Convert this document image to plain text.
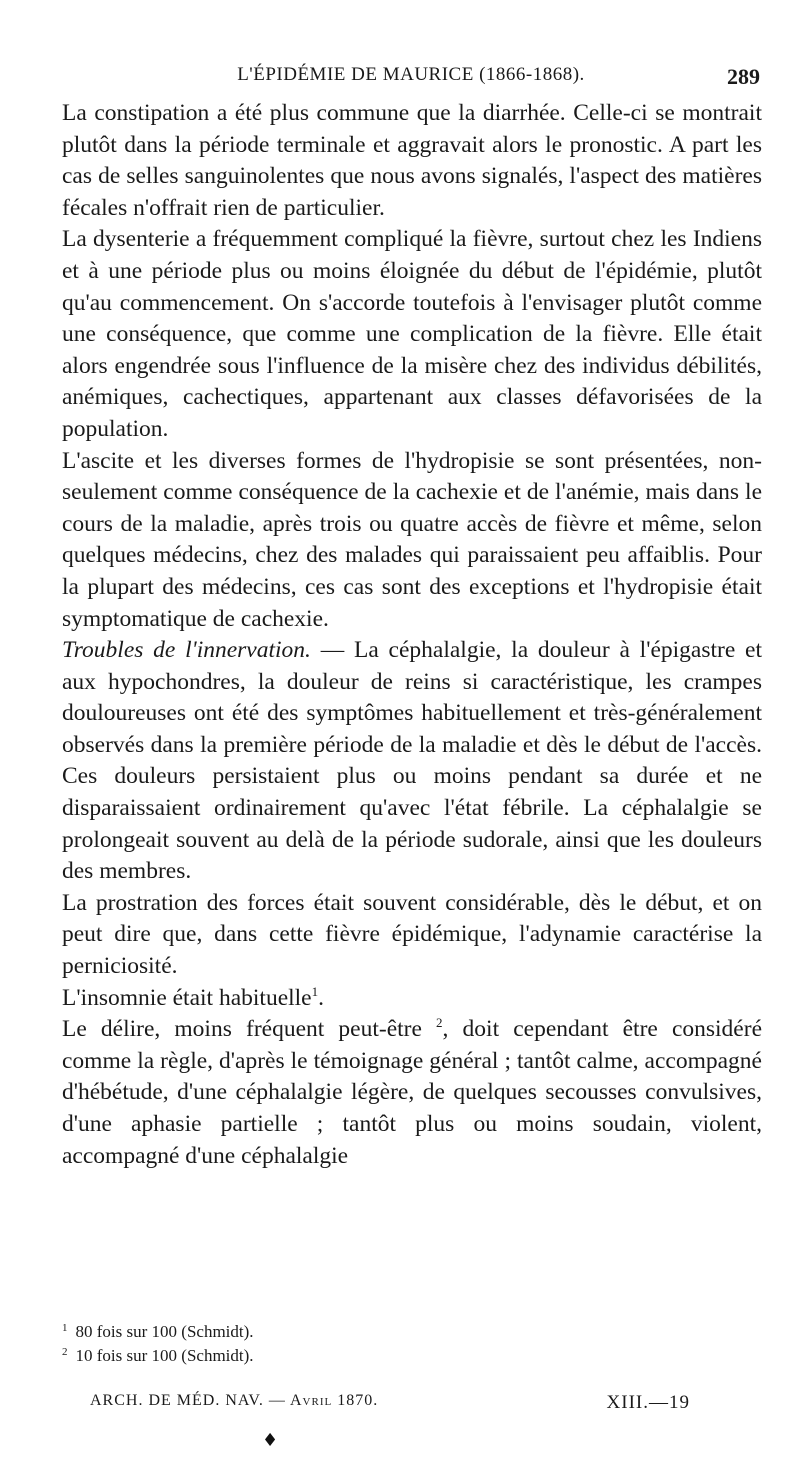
L'ÉPIDÉMIE DE MAURICE (1866-1868).	289

La constipation a été plus commune que la diarrhée. Celle-ci se montrait plutôt dans la période terminale et aggravait alors le pronostic. A part les cas de selles sanguinolentes que nous avons signalés, l'aspect des matières fécales n'offrait rien de particulier.

La dysenterie a fréquemment compliqué la fièvre, surtout chez les Indiens et à une période plus ou moins éloignée du début de l'épidémie, plutôt qu'au commencement. On s'accorde toutefois à l'envisager plutôt comme une conséquence, que comme une complication de la fièvre. Elle était alors engendrée sous l'influence de la misère chez des individus débilités, anémiques, cachectiques, appartenant aux classes défavorisées de la population.

L'ascite et les diverses formes de l'hydropisie se sont présentées, non-seulement comme conséquence de la cachexie et de l'anémie, mais dans le cours de la maladie, après trois ou quatre accès de fièvre et même, selon quelques médecins, chez des malades qui paraissaient peu affaiblis. Pour la plupart des médecins, ces cas sont des exceptions et l'hydropisie était symptomatique de cachexie.

Troubles de l'innervation. — La céphalalgie, la douleur à l'épigastre et aux hypochondres, la douleur de reins si caractéristique, les crampes douloureuses ont été des symptômes habituellement et très-généralement observés dans la première période de la maladie et dès le début de l'accès. Ces douleurs persistaient plus ou moins pendant sa durée et ne disparaissaient ordinairement qu'avec l'état fébrile. La céphalalgie se prolongeait souvent au delà de la période sudorale, ainsi que les douleurs des membres.

La prostration des forces était souvent considérable, dès le début, et on peut dire que, dans cette fièvre épidémique, l'adynamie caractérise la perniciosité.

L'insomnie était habituelle$^1$.

Le délire, moins fréquent peut-être $^2$, doit cependant être considéré comme la règle, d'après le témoignage général ; tantôt calme, accompagné d'hébétude, d'une céphalalgie légère, de quelques secousses convulsives, d'une aphasie partielle ; tantôt plus ou moins soudain, violent, accompagné d'une céphalalgie

1 80 fois sur 100 (Schmidt).
2 10 fois sur 100 (Schmidt).
ARCH. DE MÉD. NAV. — Avril 1870.	XIII.—19
♦
